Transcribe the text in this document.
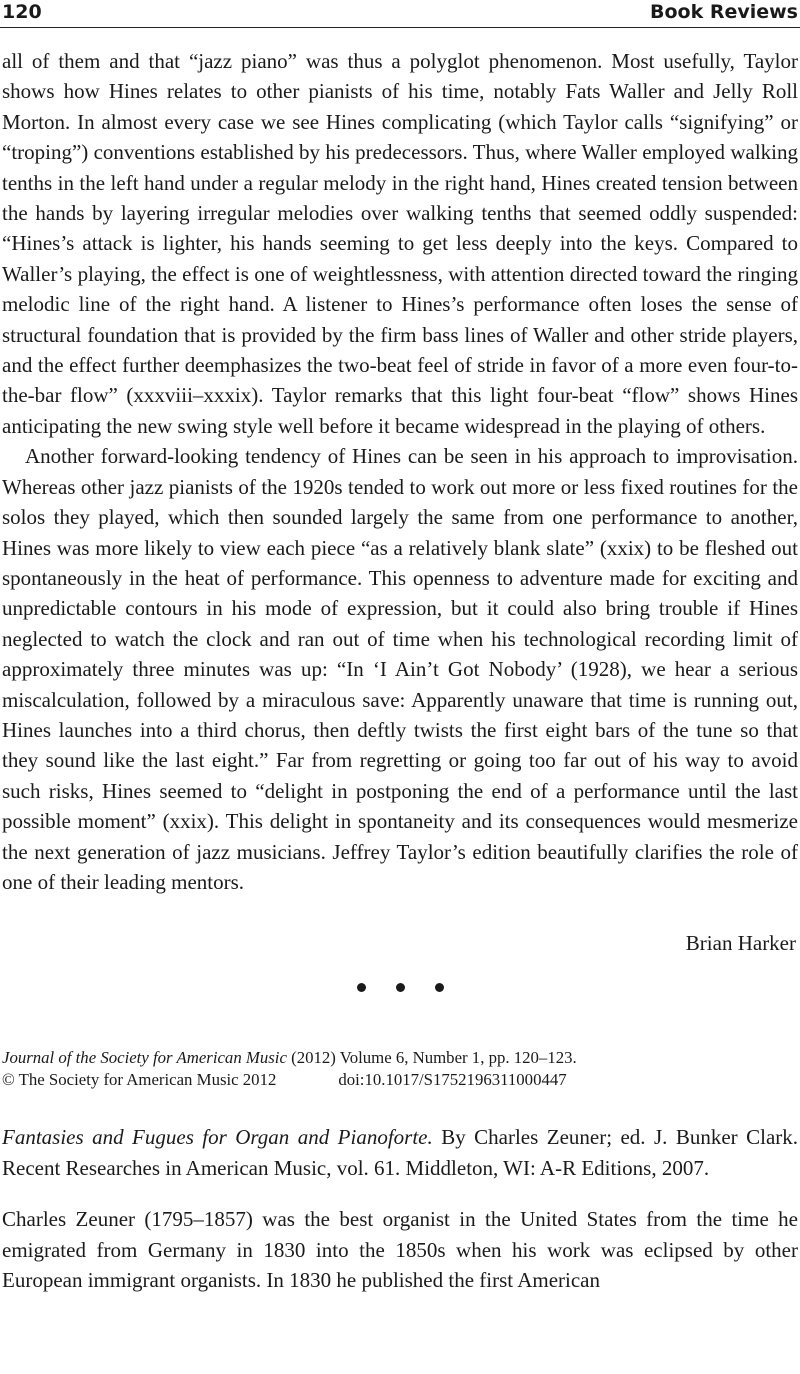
120	Book Reviews

all of them and that “jazz piano” was thus a polyglot phenomenon. Most usefully, Taylor shows how Hines relates to other pianists of his time, notably Fats Waller and Jelly Roll Morton. In almost every case we see Hines complicating (which Taylor calls “signifying” or “troping”) conventions established by his predecessors. Thus, where Waller employed walking tenths in the left hand under a regular melody in the right hand, Hines created tension between the hands by layering irregular melodies over walking tenths that seemed oddly suspended: “Hines’s attack is lighter, his hands seeming to get less deeply into the keys. Compared to Waller’s playing, the effect is one of weightlessness, with attention directed toward the ringing melodic line of the right hand. A listener to Hines’s performance often loses the sense of structural foundation that is provided by the firm bass lines of Waller and other stride players, and the effect further deemphasizes the two-beat feel of stride in favor of a more even four-to-the-bar flow” (xxxviii–xxxix). Taylor remarks that this light four-beat “flow” shows Hines anticipating the new swing style well before it became widespread in the playing of others.

Another forward-looking tendency of Hines can be seen in his approach to improvisation. Whereas other jazz pianists of the 1920s tended to work out more or less fixed routines for the solos they played, which then sounded largely the same from one performance to another, Hines was more likely to view each piece “as a relatively blank slate” (xxix) to be fleshed out spontaneously in the heat of performance. This openness to adventure made for exciting and unpredictable contours in his mode of expression, but it could also bring trouble if Hines neglected to watch the clock and ran out of time when his technological recording limit of approximately three minutes was up: “In ‘I Ain’t Got Nobody’ (1928), we hear a serious miscalculation, followed by a miraculous save: Apparently unaware that time is running out, Hines launches into a third chorus, then deftly twists the first eight bars of the tune so that they sound like the last eight.” Far from regretting or going too far out of his way to avoid such risks, Hines seemed to “delight in postponing the end of a performance until the last possible moment” (xxix). This delight in spontaneity and its consequences would mesmerize the next generation of jazz musicians. Jeffrey Taylor’s edition beautifully clarifies the role of one of their leading mentors.

Brian Harker
Journal of the Society for American Music (2012) Volume 6, Number 1, pp. 120–123.
© The Society for American Music 2012	doi:10.1017/S1752196311000447

Fantasies and Fugues for Organ and Pianoforte. By Charles Zeuner; ed. J. Bunker Clark. Recent Researches in American Music, vol. 61. Middleton, WI: A-R Editions, 2007.

Charles Zeuner (1795–1857) was the best organist in the United States from the time he emigrated from Germany in 1830 into the 1850s when his work was eclipsed by other European immigrant organists. In 1830 he published the first American
